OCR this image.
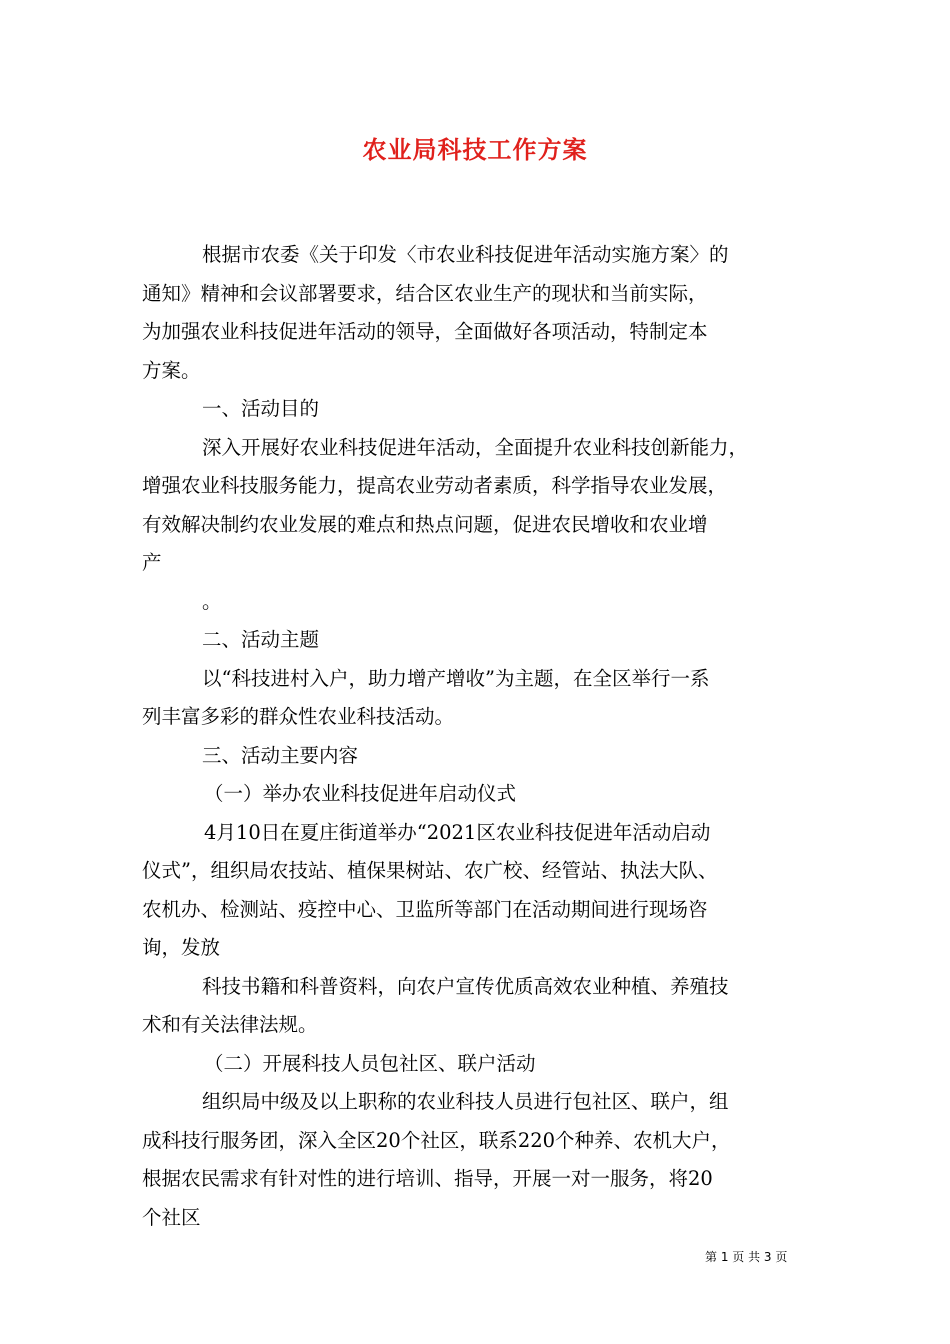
农业局科技工作方案

根据市农委《关于印发〈市农业科技促进年活动实施方案〉的

通知》精神和会议部署要求，结合区农业生产的现状和当前实际，

为加强农业科技促进年活动的领导，全面做好各项活动，特制定本

方案。

一、活动目的

深入开展好农业科技促进年活动，全面提升农业科技创新能力，

增强农业科技服务能力，提高农业劳动者素质，科学指导农业发展，

有效解决制约农业发展的难点和热点问题，促进农民增收和农业增

产

。

二、活动主题

以“科技进村入户，助力增产增收”为主题，在全区举行一系

列丰富多彩的群众性农业科技活动。

三、活动主要内容

（一）举办农业科技促进年启动仪式

4月10日在夏庄街道举办“2021区农业科技促进年活动启动

仪式”，组织局农技站、植保果树站、农广校、经管站、执法大队、

农机办、检测站、疫控中心、卫监所等部门在活动期间进行现场咨

询，发放

科技书籍和科普资料，向农户宣传优质高效农业种植、养殖技

术和有关法律法规。

（二）开展科技人员包社区、联户活动

组织局中级及以上职称的农业科技人员进行包社区、联户，组

成科技行服务团，深入全区20个社区，联系220个种养、农机大户，

根据农民需求有针对性的进行培训、指导，开展一对一服务，将20

个社区

第 1 页 共 3 页
